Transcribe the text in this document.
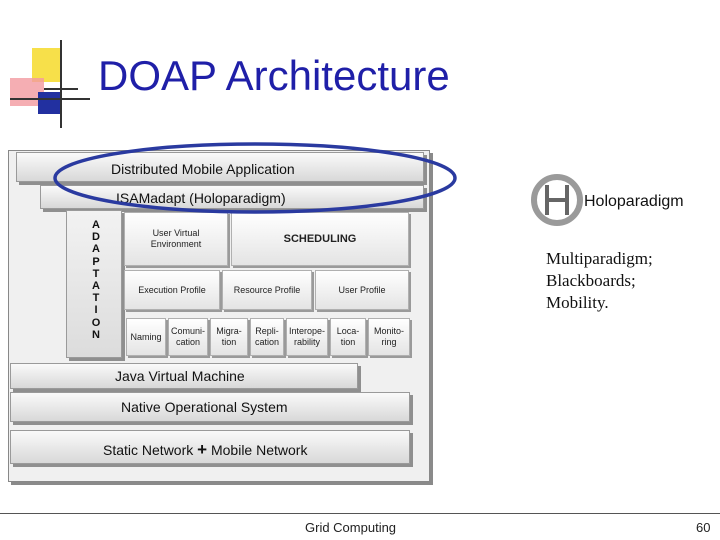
DOAP Architecture
Distributed Mobile Application
ISAMadapt (Holoparadigm)
A
D
A
P
T
A
T
I
O
N
User Virtual
Environment	SCHEDULING
Execution Profile	Resource Profile	User Profile
Naming
Comuni-
cation
Migra-
tion
Repli-
cation
Interope-
rability
Loca-
tion
Monito-
ring
Java Virtual Machine
Native Operational System
Static Network + Mobile Network
Holoparadigm
Multiparadigm;
Blackboards;
Mobility.
Grid Computing	60
